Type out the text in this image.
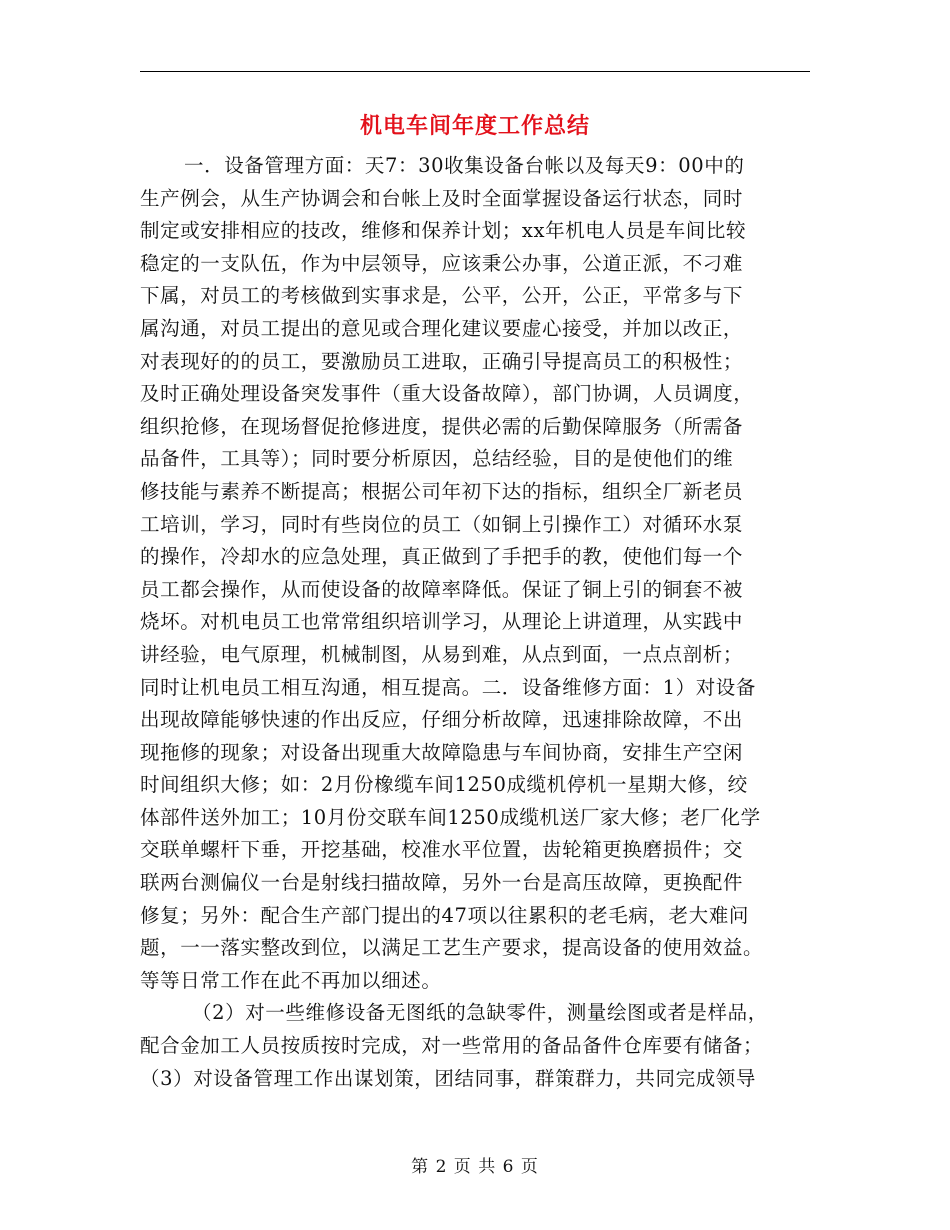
机电车间年度工作总结
一．设备管理方面：天7：30收集设备台帐以及每天9：00中的
生产例会，从生产协调会和台帐上及时全面掌握设备运行状态，同时
制定或安排相应的技改，维修和保养计划；xx年机电人员是车间比较
稳定的一支队伍，作为中层领导，应该秉公办事，公道正派，不刁难
下属，对员工的考核做到实事求是，公平，公开，公正，平常多与下
属沟通，对员工提出的意见或合理化建议要虚心接受，并加以改正，
对表现好的的员工，要激励员工进取，正确引导提高员工的积极性；
及时正确处理设备突发事件（重大设备故障），部门协调，人员调度，
组织抢修，在现场督促抢修进度，提供必需的后勤保障服务（所需备
品备件，工具等）；同时要分析原因，总结经验，目的是使他们的维
修技能与素养不断提高；根据公司年初下达的指标，组织全厂新老员
工培训，学习，同时有些岗位的员工（如铜上引操作工）对循环水泵
的操作，冷却水的应急处理，真正做到了手把手的教，使他们每一个
员工都会操作，从而使设备的故障率降低。保证了铜上引的铜套不被
烧坏。对机电员工也常常组织培训学习，从理论上讲道理，从实践中
讲经验，电气原理，机械制图，从易到难，从点到面，一点点剖析；
同时让机电员工相互沟通，相互提高。二．设备维修方面：1）对设备
出现故障能够快速的作出反应，仔细分析故障，迅速排除故障，不出
现拖修的现象；对设备出现重大故障隐患与车间协商，安排生产空闲
时间组织大修；如：2月份橡缆车间1250成缆机停机一星期大修，绞
体部件送外加工；10月份交联车间1250成缆机送厂家大修；老厂化学
交联单螺杆下垂，开挖基础，校准水平位置，齿轮箱更换磨损件；交
联两台测偏仪一台是射线扫描故障，另外一台是高压故障，更换配件
修复；另外：配合生产部门提出的47项以往累积的老毛病，老大难问
题，一一落实整改到位，以满足工艺生产要求，提高设备的使用效益。
等等日常工作在此不再加以细述。
（2）对一些维修设备无图纸的急缺零件，测量绘图或者是样品，
配合金加工人员按质按时完成，对一些常用的备品备件仓库要有储备；
（3）对设备管理工作出谋划策，团结同事，群策群力，共同完成领导
第 2 页 共 6 页
